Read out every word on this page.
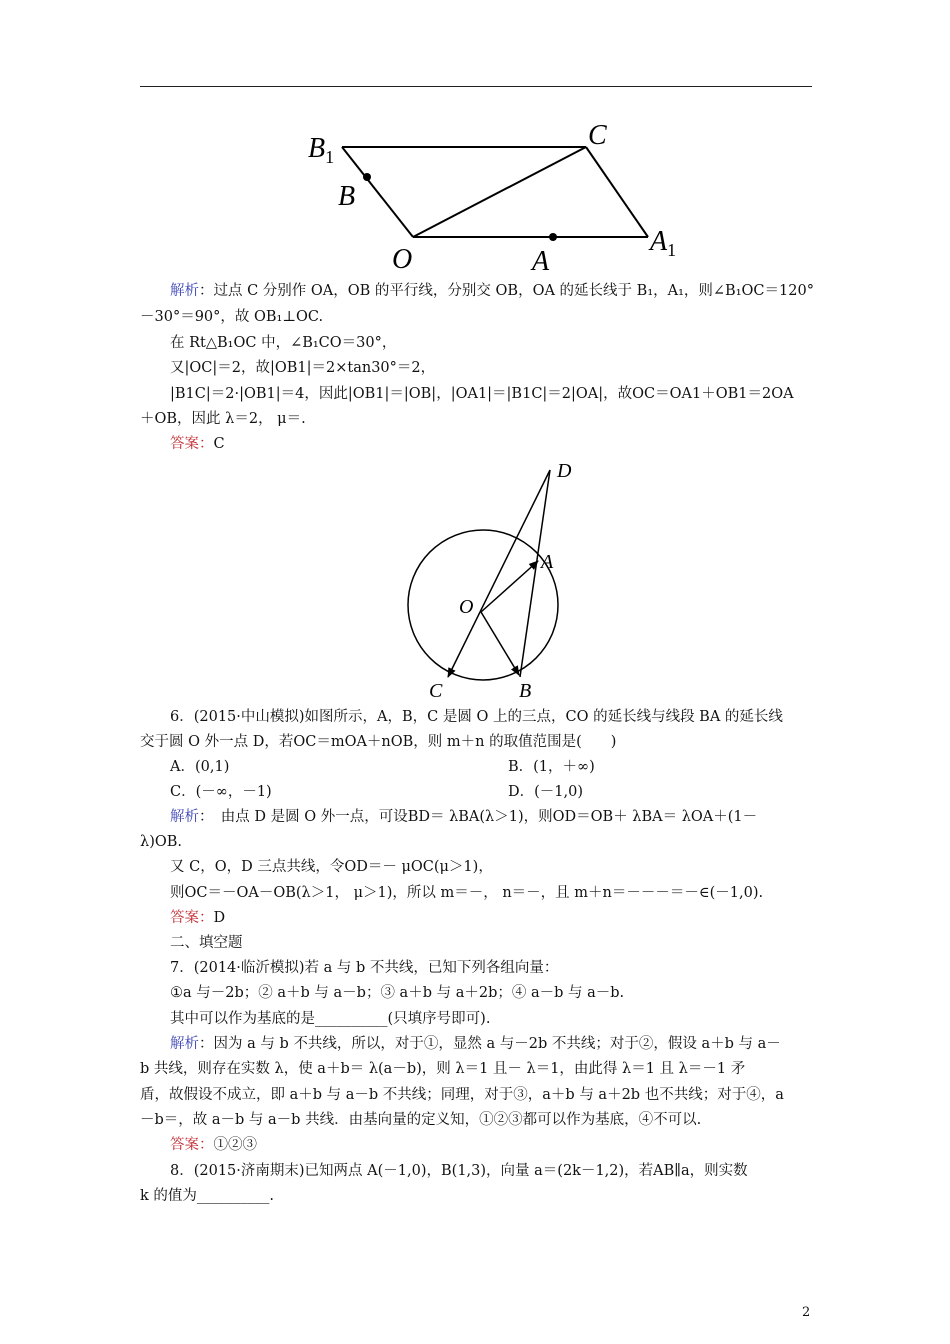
$B_1$
C
B
O	A
$A_1$
解析：过点 C 分别作 OA，OB 的平行线，分别交 OB，OA 的延长线于 B₁，A₁，则∠B₁OC＝120°
－30°＝90°，故 OB₁⊥OC.
在 Rt△B₁OC 中，∠B₁CO＝30°，
又|OC|＝2，故|OB1|＝2×tan30°＝2，
|B1C|＝2·|OB1|＝4，因此|OB1|＝|OB|，|OA1|＝|B1C|＝2|OA|，故OC＝OA1＋OB1＝2OA
＋OB，因此 λ＝2， μ＝.
答案：C
D
A
O
C	B
6．(2015·中山模拟)如图所示，A，B，C 是圆 O 上的三点，CO 的延长线与线段 BA 的延长线
交于圆 O 外一点 D，若OC＝mOA＋nOB，则 m＋n 的取值范围是(　　)
A．(0,1)	B．(1，＋∞)
C．(－∞，－1)	D．(－1,0)
解析：　由点 D 是圆 O 外一点，可设BD＝ λBA(λ＞1)，则OD＝OB＋ λBA＝ λOA＋(1－
λ)OB.
又 C，O，D 三点共线，令OD＝－ μOC(μ＞1)，
则OC＝－OA－OB(λ＞1， μ＞1)，所以 m＝－， n＝－，且 m＋n＝－－－＝－∈(－1,0).
答案：D
二、填空题
7．(2014·临沂模拟)若 a 与 b 不共线，已知下列各组向量：
①a 与－2b；② a＋b 与 a－b；③ a＋b 与 a＋2b；④ a－b 与 a－b.
其中可以作为基底的是__________(只填序号即可).
解析：因为 a 与 b 不共线，所以，对于①，显然 a 与－2b 不共线；对于②，假设 a＋b 与 a－
b 共线，则存在实数 λ，使 a＋b＝ λ(a－b)，则 λ＝1 且－ λ＝1，由此得 λ＝1 且 λ＝－1 矛
盾，故假设不成立，即 a＋b 与 a－b 不共线；同理，对于③，a＋b 与 a＋2b 也不共线；对于④，a
－b＝，故 a－b 与 a－b 共线．由基向量的定义知，①②③都可以作为基底，④不可以.
答案：①②③
8．(2015·济南期末)已知两点 A(－1,0)，B(1,3)，向量 a＝(2k－1,2)，若AB∥a，则实数
k 的值为__________.
2
